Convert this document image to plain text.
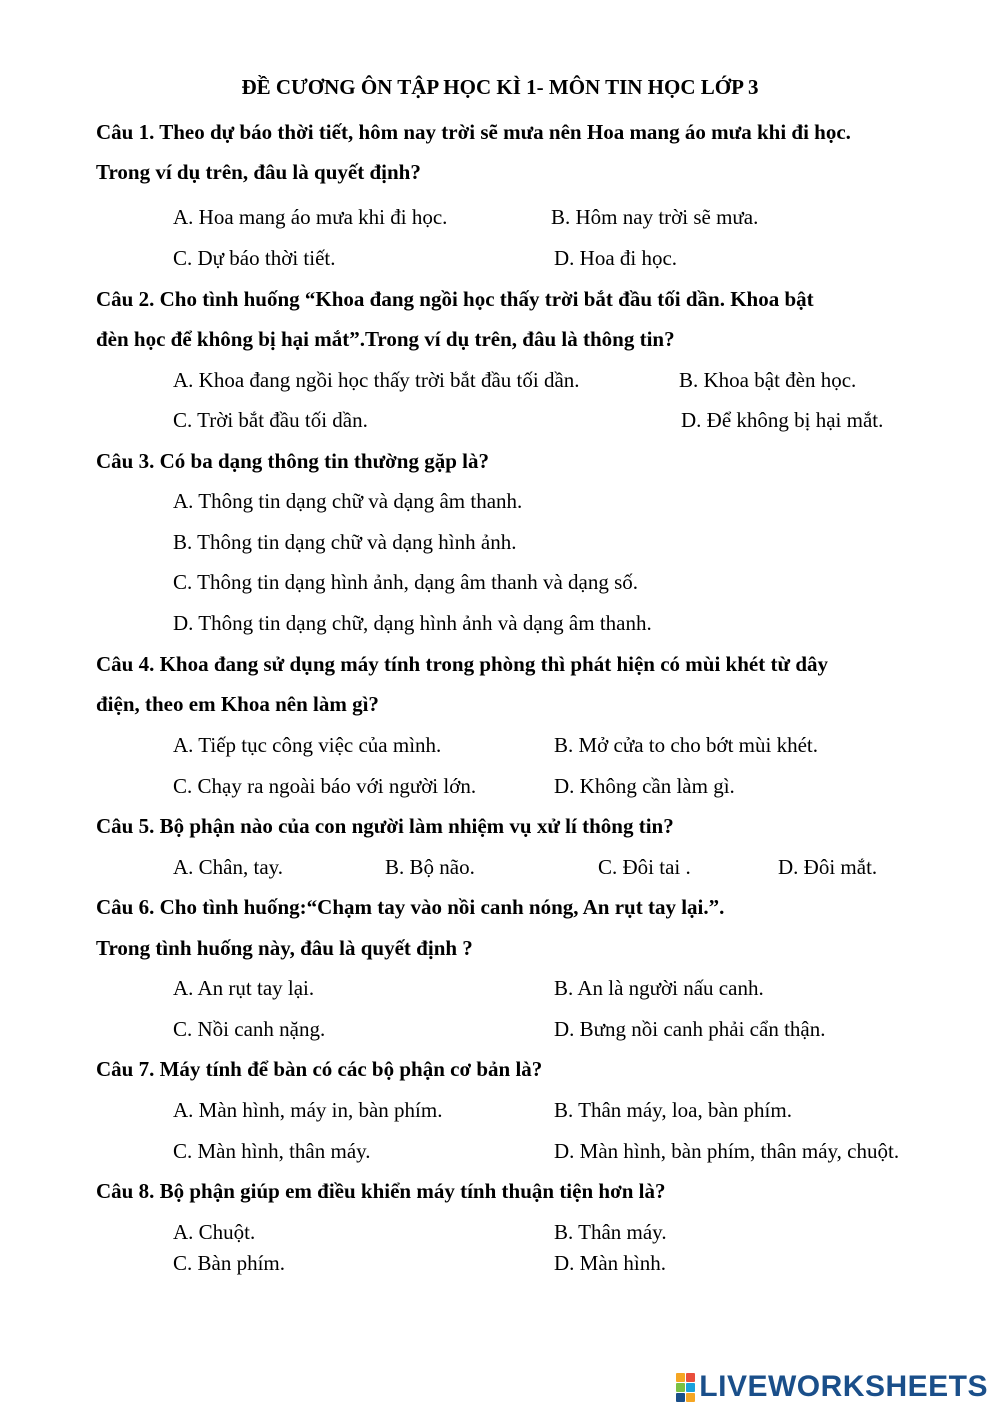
ĐỀ CƯƠNG ÔN TẬP HỌC KÌ 1- MÔN TIN HỌC LỚP 3
Câu 1. Theo dự báo thời tiết, hôm nay trời sẽ mưa nên Hoa mang áo mưa khi đi học.
Trong ví dụ trên, đâu là quyết định?
A. Hoa mang áo mưa khi đi học.	B. Hôm nay trời sẽ mưa.
C. Dự báo thời tiết.	D. Hoa đi học.
Câu 2. Cho tình huống “Khoa đang ngồi học thấy trời bắt đầu tối dần. Khoa bật
đèn học để không bị hại mắt”.Trong ví dụ trên, đâu là thông tin?
A. Khoa đang ngồi học thấy trời bắt đầu tối dần.	B. Khoa bật đèn học.
C. Trời bắt đầu tối dần.	D. Để không bị hại mắt.
Câu 3. Có ba dạng thông tin thường gặp là?
A. Thông tin dạng chữ và dạng âm thanh.
B. Thông tin dạng chữ và dạng hình ảnh.
C. Thông tin dạng hình ảnh, dạng âm thanh và dạng số.
D. Thông tin dạng chữ, dạng hình ảnh và dạng âm thanh.
Câu 4. Khoa đang sử dụng máy tính trong phòng thì phát hiện có mùi khét từ dây
điện, theo em Khoa nên làm gì?
A. Tiếp tục công việc của mình.	B. Mở cửa to cho bớt mùi khét.
C. Chạy ra ngoài báo với người lớn.	D. Không cần làm gì.
Câu 5. Bộ phận nào của con người làm nhiệm vụ xử lí thông tin?
A. Chân, tay.	B. Bộ não.	C. Đôi tai .	D. Đôi mắt.
Câu 6. Cho tình huống:“Chạm tay vào nồi canh nóng, An rụt tay lại.”.
Trong tình huống này, đâu là quyết định ?
A. An rụt tay lại.	B. An là người nấu canh.
C. Nồi canh nặng.	D. Bưng nồi canh phải cẩn thận.
Câu 7. Máy tính để bàn có các bộ phận cơ bản là?
A. Màn hình, máy in, bàn phím.	B. Thân máy, loa, bàn phím.
C. Màn hình, thân máy.	D. Màn hình, bàn phím, thân máy, chuột.
Câu 8. Bộ phận giúp em điều khiển máy tính thuận tiện hơn là?
A. Chuột.	B. Thân máy.
C. Bàn phím.	D. Màn hình.
LIVEWORKSHEETS
